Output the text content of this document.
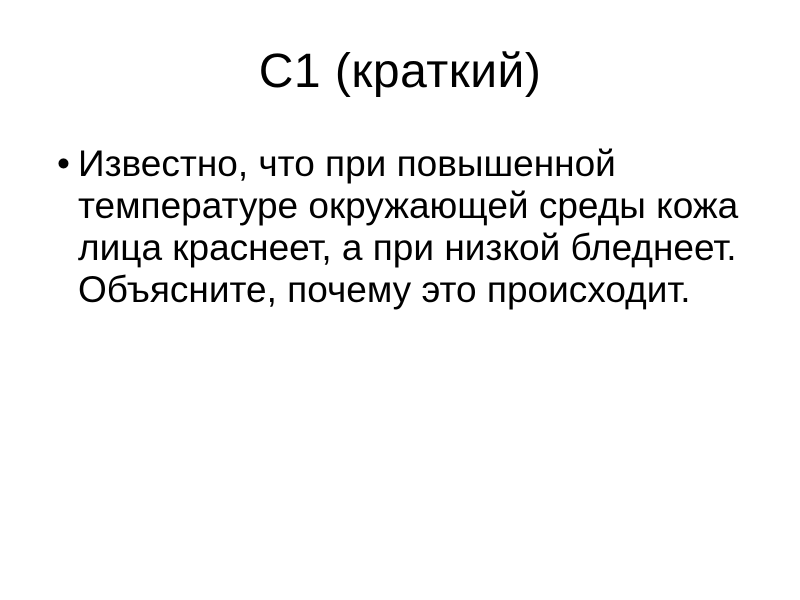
С1 (краткий)
• Известно, что при повышенной
температуре окружающей среды кожа
лица краснеет, а при низкой бледнеет.
Объясните, почему это происходит.
